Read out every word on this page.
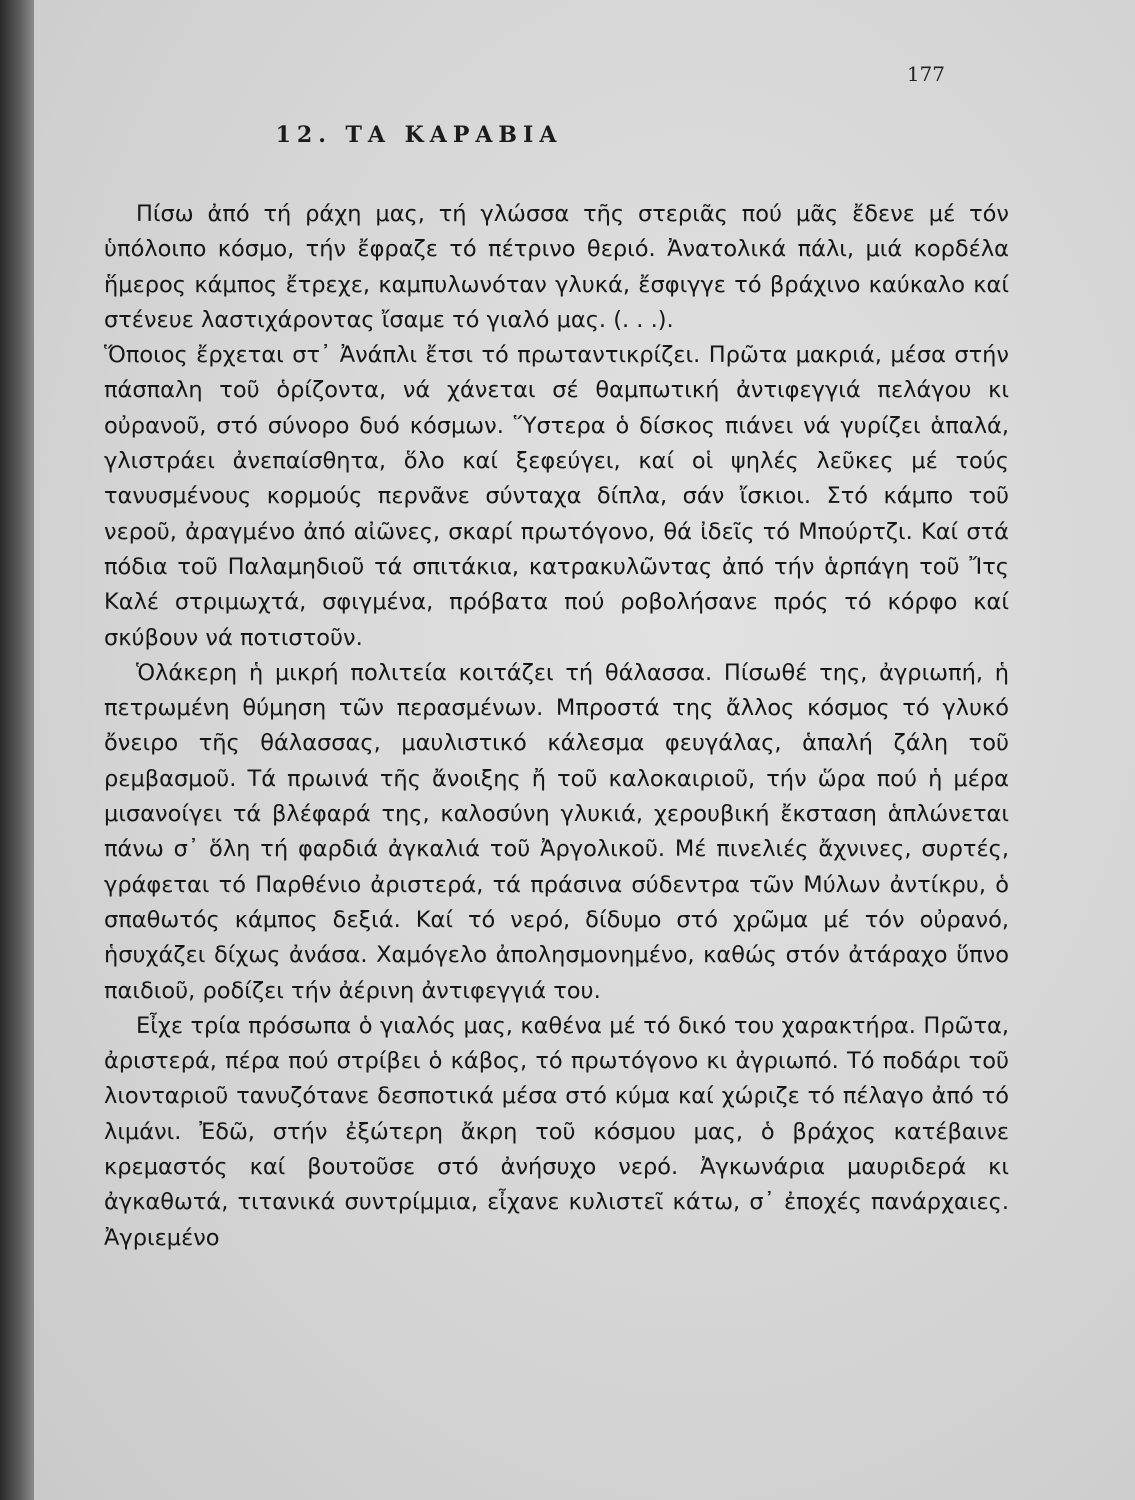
177
12. ΤΑ ΚΑΡΑΒΙΑ

Πίσω ἀπό τή ράχη μας, τή γλώσσα τῆς στεριᾶς πού μᾶς ἔδενε μέ τόν ὑπόλοιπο κόσμο, τήν ἔφραζε τό πέτρινο θεριό. Ἀνατολικά πάλι, μιά κορδέλα ἥμερος κάμπος ἔτρεχε, καμπυλωνόταν γλυκά, ἔσφιγγε τό βράχινο καύκαλο καί στένευε λαστιχάροντας ἴσαμε τό γιαλό μας. (. . .).

Ὅποιος ἔρχεται στ᾽ Ἀνάπλι ἔτσι τό πρωταντικρίζει. Πρῶτα μακριά, μέσα στήν πάσπαλη τοῦ ὁρίζοντα, νά χάνεται σέ θαμπωτική ἀντιφεγγιά πελάγου κι οὐρανοῦ, στό σύνορο δυό κόσμων. Ὕστερα ὁ δίσκος πιάνει νά γυρίζει ἁπαλά, γλιστράει ἀνεπαίσθητα, ὅλο καί ξεφεύγει, καί οἱ ψηλές λεῦκες μέ τούς τανυσμένους κορμούς περνᾶνε σύνταχα δίπλα, σάν ἴσκιοι. Στό κάμπο τοῦ νεροῦ, ἀραγμένο ἀπό αἰῶνες, σκαρί πρωτόγονο, θά ἰδεῖς τό Μπούρτζι. Καί στά πόδια τοῦ Παλαμηδιοῦ τά σπιτάκια, κατρακυλῶντας ἀπό τήν ἁρπάγη τοῦ Ἴτς Καλέ στριμωχτά, σφιγμένα, πρόβατα πού ροβολήσανε πρός τό κόρφο καί σκύβουν νά ποτιστοῦν.

Ὁλάκερη ἡ μικρή πολιτεία κοιτάζει τή θάλασσα. Πίσωθέ της, ἀγριωπή, ἡ πετρωμένη θύμηση τῶν περασμένων. Μπροστά της ἄλλος κόσμος τό γλυκό ὄνειρο τῆς θάλασσας, μαυλιστικό κάλεσμα φευγάλας, ἁπαλή ζάλη τοῦ ρεμβασμοῦ. Τά πρωινά τῆς ἄνοιξης ἤ τοῦ καλοκαιριοῦ, τήν ὥρα πού ἡ μέρα μισανοίγει τά βλέφαρά της, καλοσύνη γλυκιά, χερουβική ἔκσταση ἁπλώνεται πάνω σ᾽ ὅλη τή φαρδιά ἀγκαλιά τοῦ Ἀργολικοῦ. Μέ πινελιές ἄχνινες, συρτές, γράφεται τό Παρθένιο ἀριστερά, τά πράσινα σύδεντρα τῶν Μύλων ἀντίκρυ, ὁ σπαθωτός κάμπος δεξιά. Καί τό νερό, δίδυμο στό χρῶμα μέ τόν οὐρανό, ἡσυχάζει δίχως ἀνάσα. Χαμόγελο ἀπολησμονημένο, καθώς στόν ἀτάραχο ὕπνο παιδιοῦ, ροδίζει τήν ἀέρινη ἀντιφεγγιά του.

Εἶχε τρία πρόσωπα ὁ γιαλός μας, καθένα μέ τό δικό του χαρακτήρα. Πρῶτα, ἀριστερά, πέρα πού στρίβει ὁ κάβος, τό πρωτόγονο κι ἀγριωπό. Τό ποδάρι τοῦ λιονταριοῦ τανυζότανε δεσποτικά μέσα στό κύμα καί χώριζε τό πέλαγο ἀπό τό λιμάνι. Ἐδῶ, στήν ἐξώτερη ἄκρη τοῦ κόσμου μας, ὁ βράχος κατέβαινε κρεμαστός καί βουτοῦσε στό ἀνήσυχο νερό. Ἀγκωνάρια μαυριδερά κι ἀγκαθωτά, τιτανικά συντρίμμια, εἶχανε κυλιστεῖ κάτω, σ᾽ ἐποχές πανάρχαιες. Ἀγριεμένο
